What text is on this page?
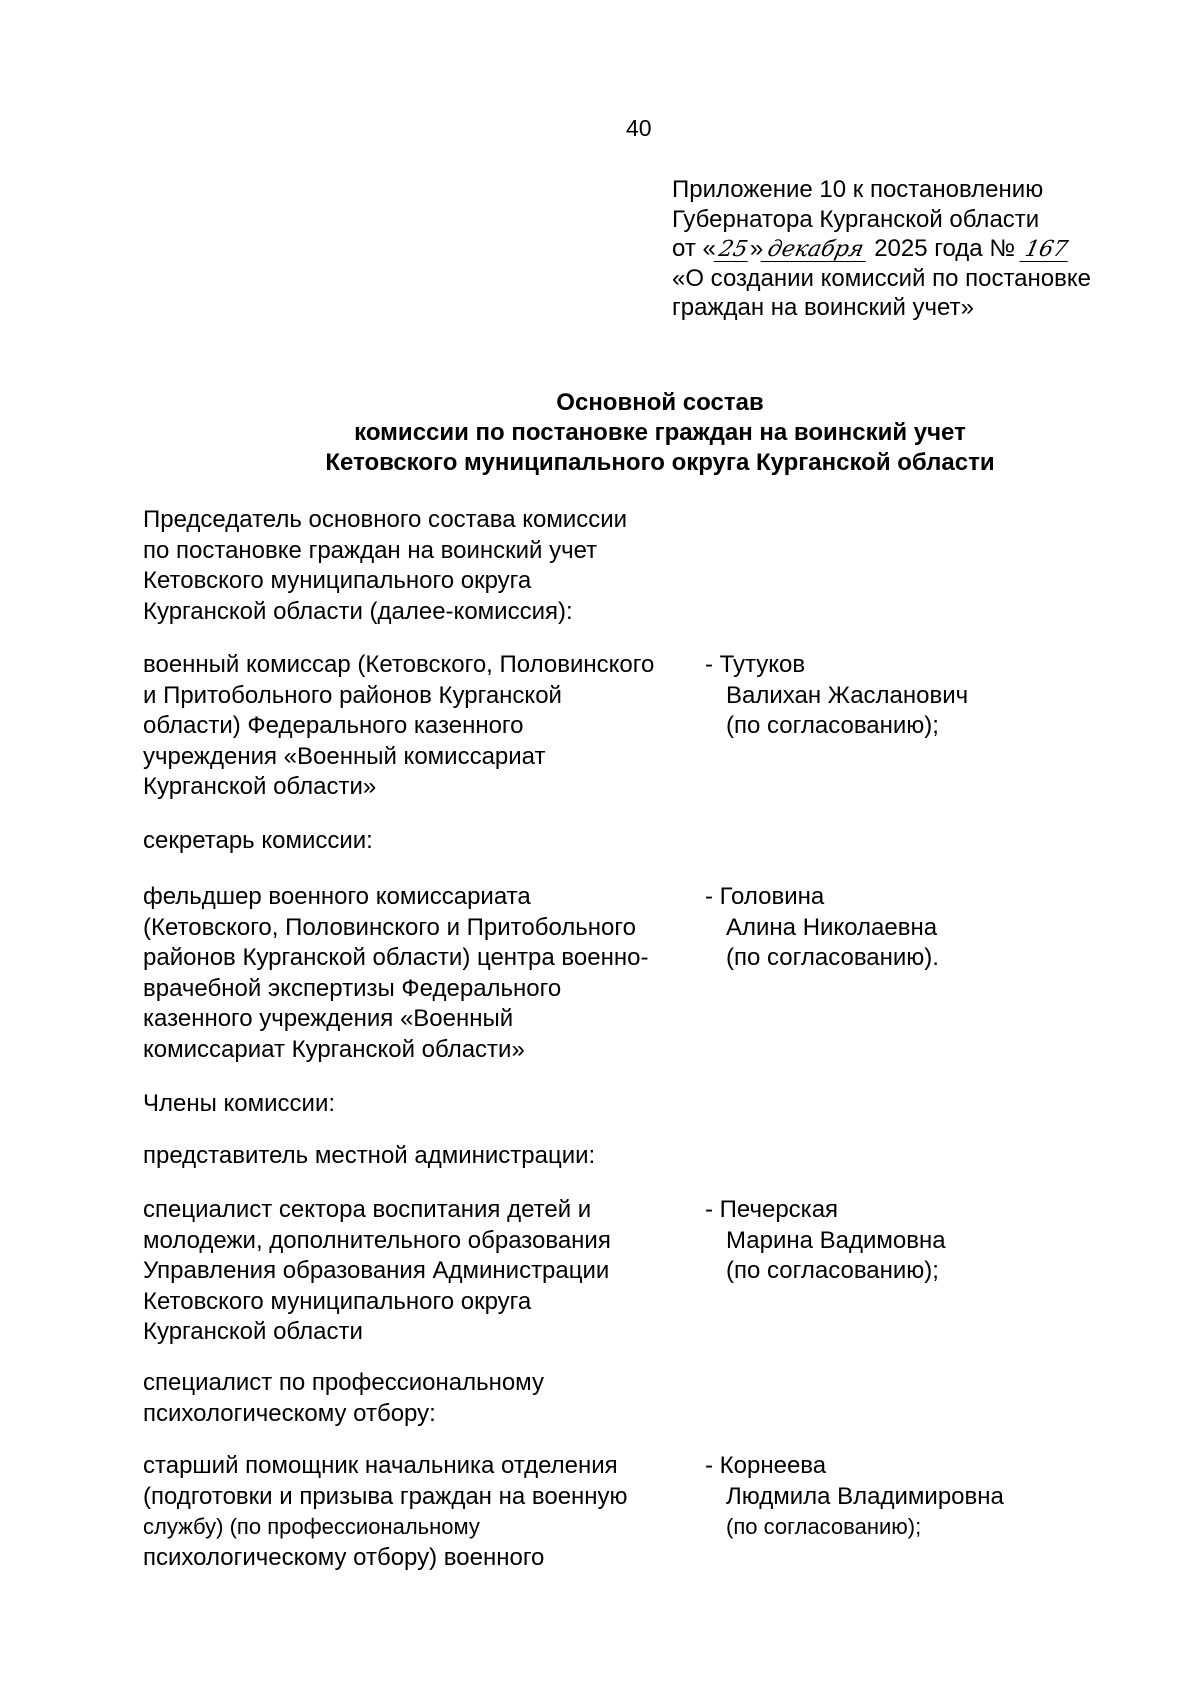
40
Приложение 10 к постановлению
Губернатора Курганской области
от «25» декабря 2025 года № 167
«О создании комиссий по постановке
граждан на воинский учет»
Основной состав
комиссии по постановке граждан на воинский учет
Кетовского муниципального округа Курганской области
Председатель основного состава комиссии
по постановке граждан на воинский учет
Кетовского муниципального округа
Курганской области (далее-комиссия):
военный комиссар (Кетовского, Половинского
и Притобольного районов Курганской
области) Федерального казенного
учреждения «Военный комиссариат
Курганской области»
- Тутуков
Валихан Жасланович
(по согласованию);
секретарь комиссии:
фельдшер военного комиссариата
(Кетовского, Половинского и Притобольного
районов Курганской области) центра военно-
врачебной экспертизы Федерального
казенного учреждения «Военный
комиссариат Курганской области»
- Головина
Алина Николаевна
(по согласованию).
Члены комиссии:
представитель местной администрации:
специалист сектора воспитания детей и
молодежи, дополнительного образования
Управления образования Администрации
Кетовского муниципального округа
Курганской области
- Печерская
Марина Вадимовна
(по согласованию);
специалист по профессиональному
психологическому отбору:
старший помощник начальника отделения
(подготовки и призыва граждан на военную
службу) (по профессиональному
психологическому отбору) военного
- Корнеева
Людмила Владимировна
(по согласованию);
